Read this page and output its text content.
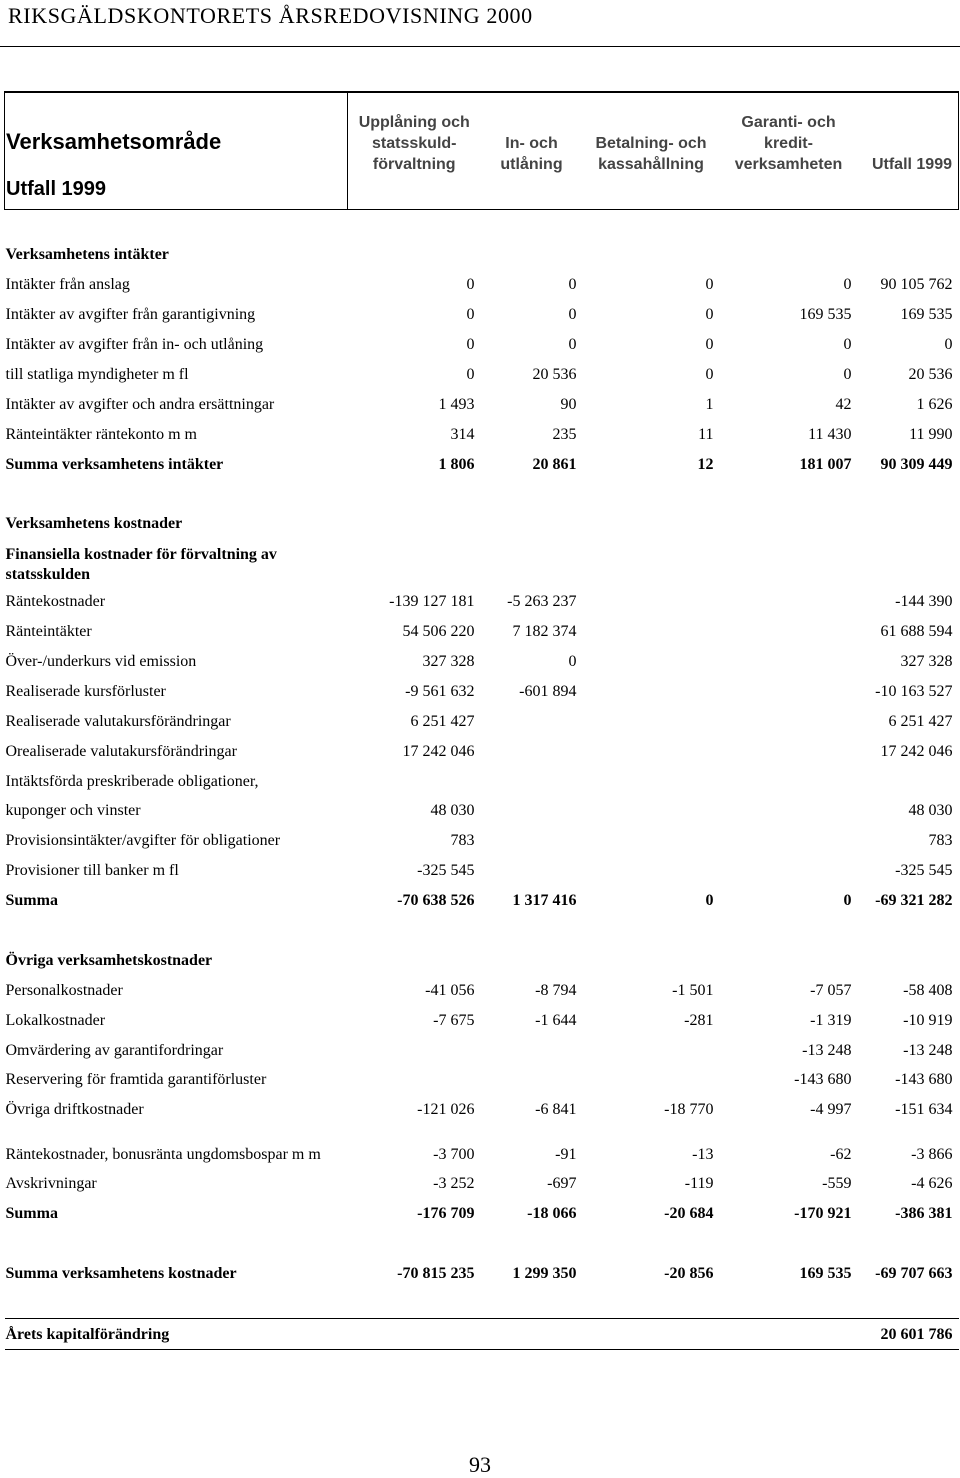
RIKSGÄLDSKONTORETS ÅRSREDOVISNING 2000
Verksamhetsområde	Upplåning och statsskuld-förvaltning	In- och utlåning	Betalning- och kassahållning	Garanti- och kredit-verksamheten	Utfall 1999
Utfall 1999					

Verksamhetens intäkter					
Intäkter från anslag	0	0	0	0	90 105 762
Intäkter av avgifter från garantigivning	0	0	0	169 535	169 535
Intäkter av avgifter från in- och utlåning	0	0	0	0	0
till statliga myndigheter m fl	0	20 536	0	0	20 536
Intäkter av avgifter och andra ersättningar	1 493	90	1	42	1 626
Ränteintäkter räntekonto m m	314	235	11	11 430	11 990
Summa verksamhetens intäkter	1 806	20 861	12	181 007	90 309 449

Verksamhetens kostnader					
Finansiella kostnader för förvaltning av statsskulden					
Räntekostnader	-139 127 181	-5 263 237			-144 390
Ränteintäkter	54 506 220	7 182 374			61 688 594
Över-/underkurs vid emission	327 328	0			327 328
Realiserade kursförluster	-9 561 632	-601 894			-10 163 527
Realiserade valutakursförändringar	6 251 427				6 251 427
Orealiserade valutakursförändringar	17 242 046				17 242 046
Intäktsförda preskriberade obligationer,					
kuponger och vinster	48 030				48 030
Provisionsintäkter/avgifter för obligationer	783				783
Provisioner till banker m fl	-325 545				-325 545
Summa	-70 638 526	1 317 416	0	0	-69 321 282

Övriga verksamhetskostnader					
Personalkostnader	-41 056	-8 794	-1 501	-7 057	-58 408
Lokalkostnader	-7 675	-1 644	-281	-1 319	-10 919
Omvärdering av garantifordringar				-13 248	-13 248
Reservering för framtida garantiförluster				-143 680	-143 680
Övriga driftkostnader	-121 026	-6 841	-18 770	-4 997	-151 634
Räntekostnader, bonusränta ungdomsbospar m m	-3 700	-91	-13	-62	-3 866
Avskrivningar	-3 252	-697	-119	-559	-4 626
Summa	-176 709	-18 066	-20 684	-170 921	-386 381

Summa verksamhetens kostnader	-70 815 235	1 299 350	-20 856	169 535	-69 707 663

Årets kapitalförändring					20 601 786
93
